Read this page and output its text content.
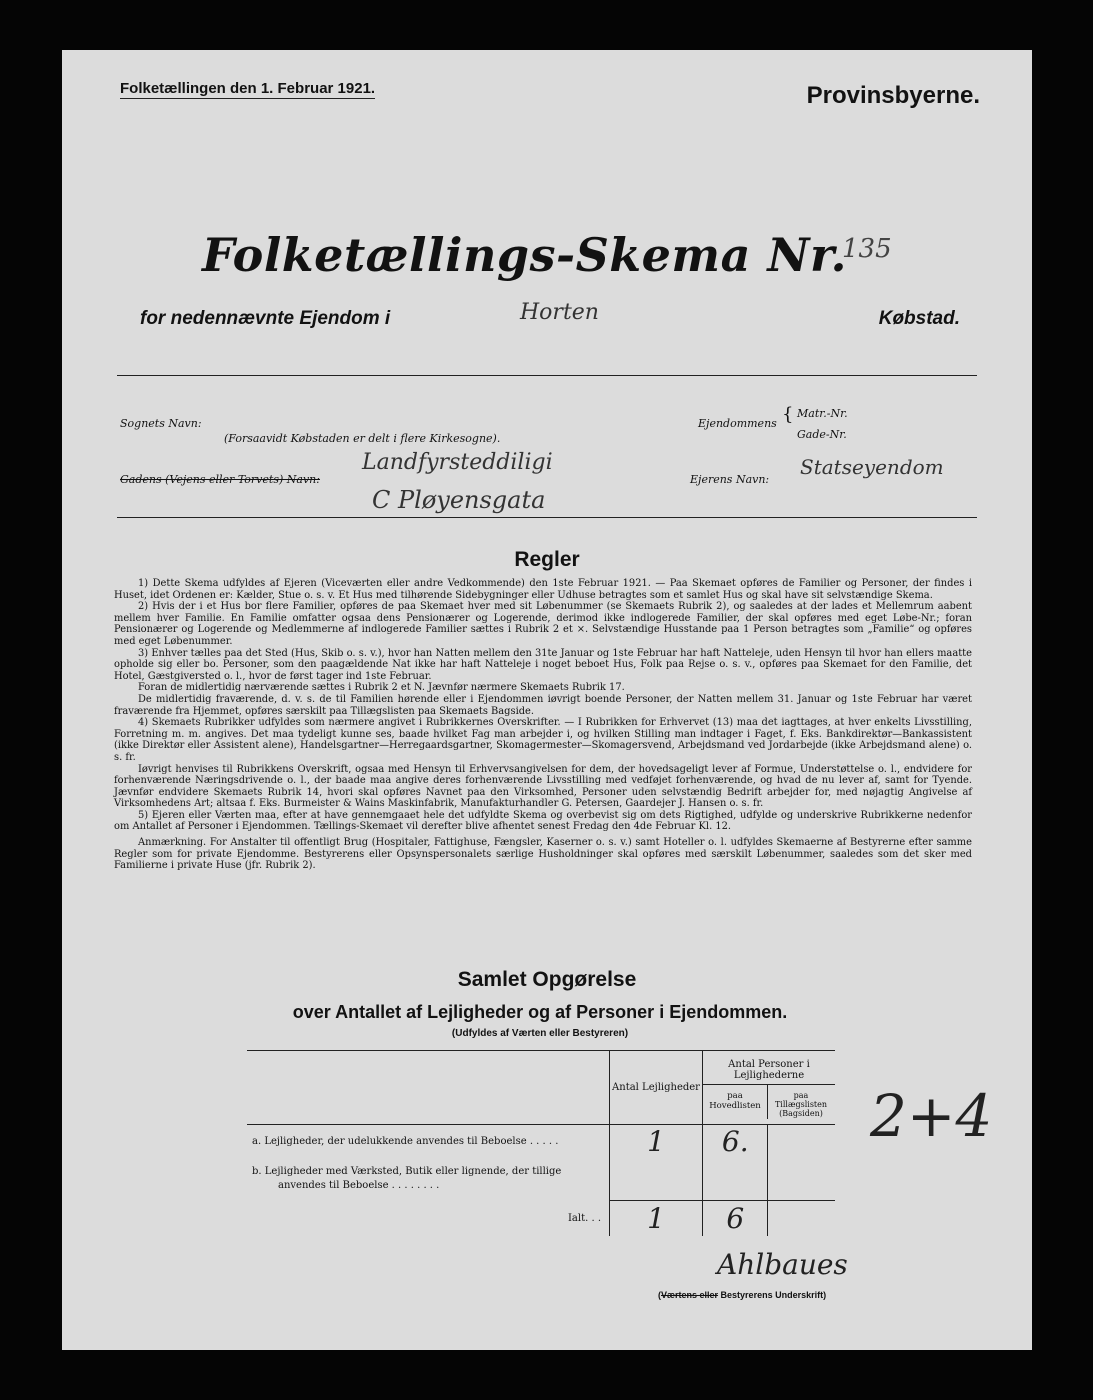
Folketællingen den 1. Februar 1921.	Provinsbyerne.
Folketællings-Skema Nr.
135
for nedennævnte Ejendom i	Horten	Købstad.
Sognets Navn:
(Forsaavidt Købstaden er delt i flere Kirkesogne).
Ejendommens { Matr.-Nr.
Gade-Nr.
Gadens (Vejens eller Torvets) Navn:
Landfyrsteddiligi
C Pløyensgata
Ejerens Navn:
Statseyendom
Regler

1) Dette Skema udfyldes af Ejeren (Viceværten eller andre Vedkommende) den 1ste Februar 1921. — Paa Skemaet opføres de Familier og Personer, der findes i Huset, idet Ordenen er: Kælder, Stue o. s. v. Et Hus med tilhørende Sidebygninger eller Udhuse betragtes som et samlet Hus og skal have sit selvstændige Skema.

2) Hvis der i et Hus bor flere Familier, opføres de paa Skemaet hver med sit Løbenummer (se Skemaets Rubrik 2), og saaledes at der lades et Mellemrum aabent mellem hver Familie. En Familie omfatter ogsaa dens Pensionærer og Logerende, derimod ikke indlogerede Familier, der skal opføres med eget Løbe-Nr.; foran Pensionærer og Logerende og Medlemmerne af indlogerede Familier sættes i Rubrik 2 et ×. Selvstændige Husstande paa 1 Person betragtes som „Familie“ og opføres med eget Løbenummer.

3) Enhver tælles paa det Sted (Hus, Skib o. s. v.), hvor han Natten mellem den 31te Januar og 1ste Februar har haft Natteleje, uden Hensyn til hvor han ellers maatte opholde sig eller bo. Personer, som den paagældende Nat ikke har haft Natteleje i noget beboet Hus, Folk paa Rejse o. s. v., opføres paa Skemaet for den Familie, det Hotel, Gæstgiversted o. l., hvor de først tager ind 1ste Februar.

Foran de midlertidig nærværende sættes i Rubrik 2 et N. Jævnfør nærmere Skemaets Rubrik 17.

De midlertidig fraværende, d. v. s. de til Familien hørende eller i Ejendommen iøvrigt boende Personer, der Natten mellem 31. Januar og 1ste Februar har været fraværende fra Hjemmet, opføres særskilt paa Tillægslisten paa Skemaets Bagside.

4) Skemaets Rubrikker udfyldes som nærmere angivet i Rubrikkernes Overskrifter. — I Rubrikken for Erhvervet (13) maa det iagttages, at hver enkelts Livsstilling, Forretning m. m. angives. Det maa tydeligt kunne ses, baade hvilket Fag man arbejder i, og hvilken Stilling man indtager i Faget, f. Eks. Bankdirektør—Bankassistent (ikke Direktør eller Assistent alene), Handelsgartner—Herregaardsgartner, Skomagermester—Skomagersvend, Arbejdsmand ved Jordarbejde (ikke Arbejdsmand alene) o. s. fr.

Iøvrigt henvises til Rubrikkens Overskrift, ogsaa med Hensyn til Erhvervsangivelsen for dem, der hovedsageligt lever af Formue, Understøttelse o. l., endvidere for forhenværende Næringsdrivende o. l., der baade maa angive deres forhenværende Livsstilling med vedføjet forhenværende, og hvad de nu lever af, samt for Tyende. Jævnfør endvidere Skemaets Rubrik 14, hvori skal opføres Navnet paa den Virksomhed, Personer uden selvstændig Bedrift arbejder for, med nøjagtig Angivelse af Virksomhedens Art; altsaa f. Eks. Burmeister & Wains Maskinfabrik, Manufakturhandler G. Petersen, Gaardejer J. Hansen o. s. fr.

5) Ejeren eller Værten maa, efter at have gennemgaaet hele det udfyldte Skema og overbevist sig om dets Rigtighed, udfylde og underskrive Rubrikkerne nedenfor om Antallet af Personer i Ejendommen. Tællings-Skemaet vil derefter blive afhentet senest Fredag den 4de Februar Kl. 12.

Anmærkning. For Anstalter til offentligt Brug (Hospitaler, Fattighuse, Fængsler, Kaserner o. s. v.) samt Hoteller o. l. udfyldes Skemaerne af Bestyrerne efter samme Regler som for private Ejendomme. Bestyrerens eller Opsynspersonalets særlige Husholdninger skal opføres med særskilt Løbenummer, saaledes som det sker med Familierne i private Huse (jfr. Rubrik 2).

Samlet Opgørelse
over Antallet af Lejligheder og af Personer i Ejendommen.
(Udfyldes af Værten eller Bestyreren)
	Antal Lejligheder	Antal Personer i Lejlighederne
paa Hovedlisten
paa Tillægslisten (Bagsiden)	

a. Lejligheder, der udelukkende anvendes til Beboelse . . . . .	1	6.	

b. Lejligheder med Værksted, Butik eller lignende, der tillige
anvendes til Beboelse . . . . . . . .			

Ialt. . .	1	6	
2+4
Ahlbaues
(Værtens eller Bestyrerens Underskrift)
